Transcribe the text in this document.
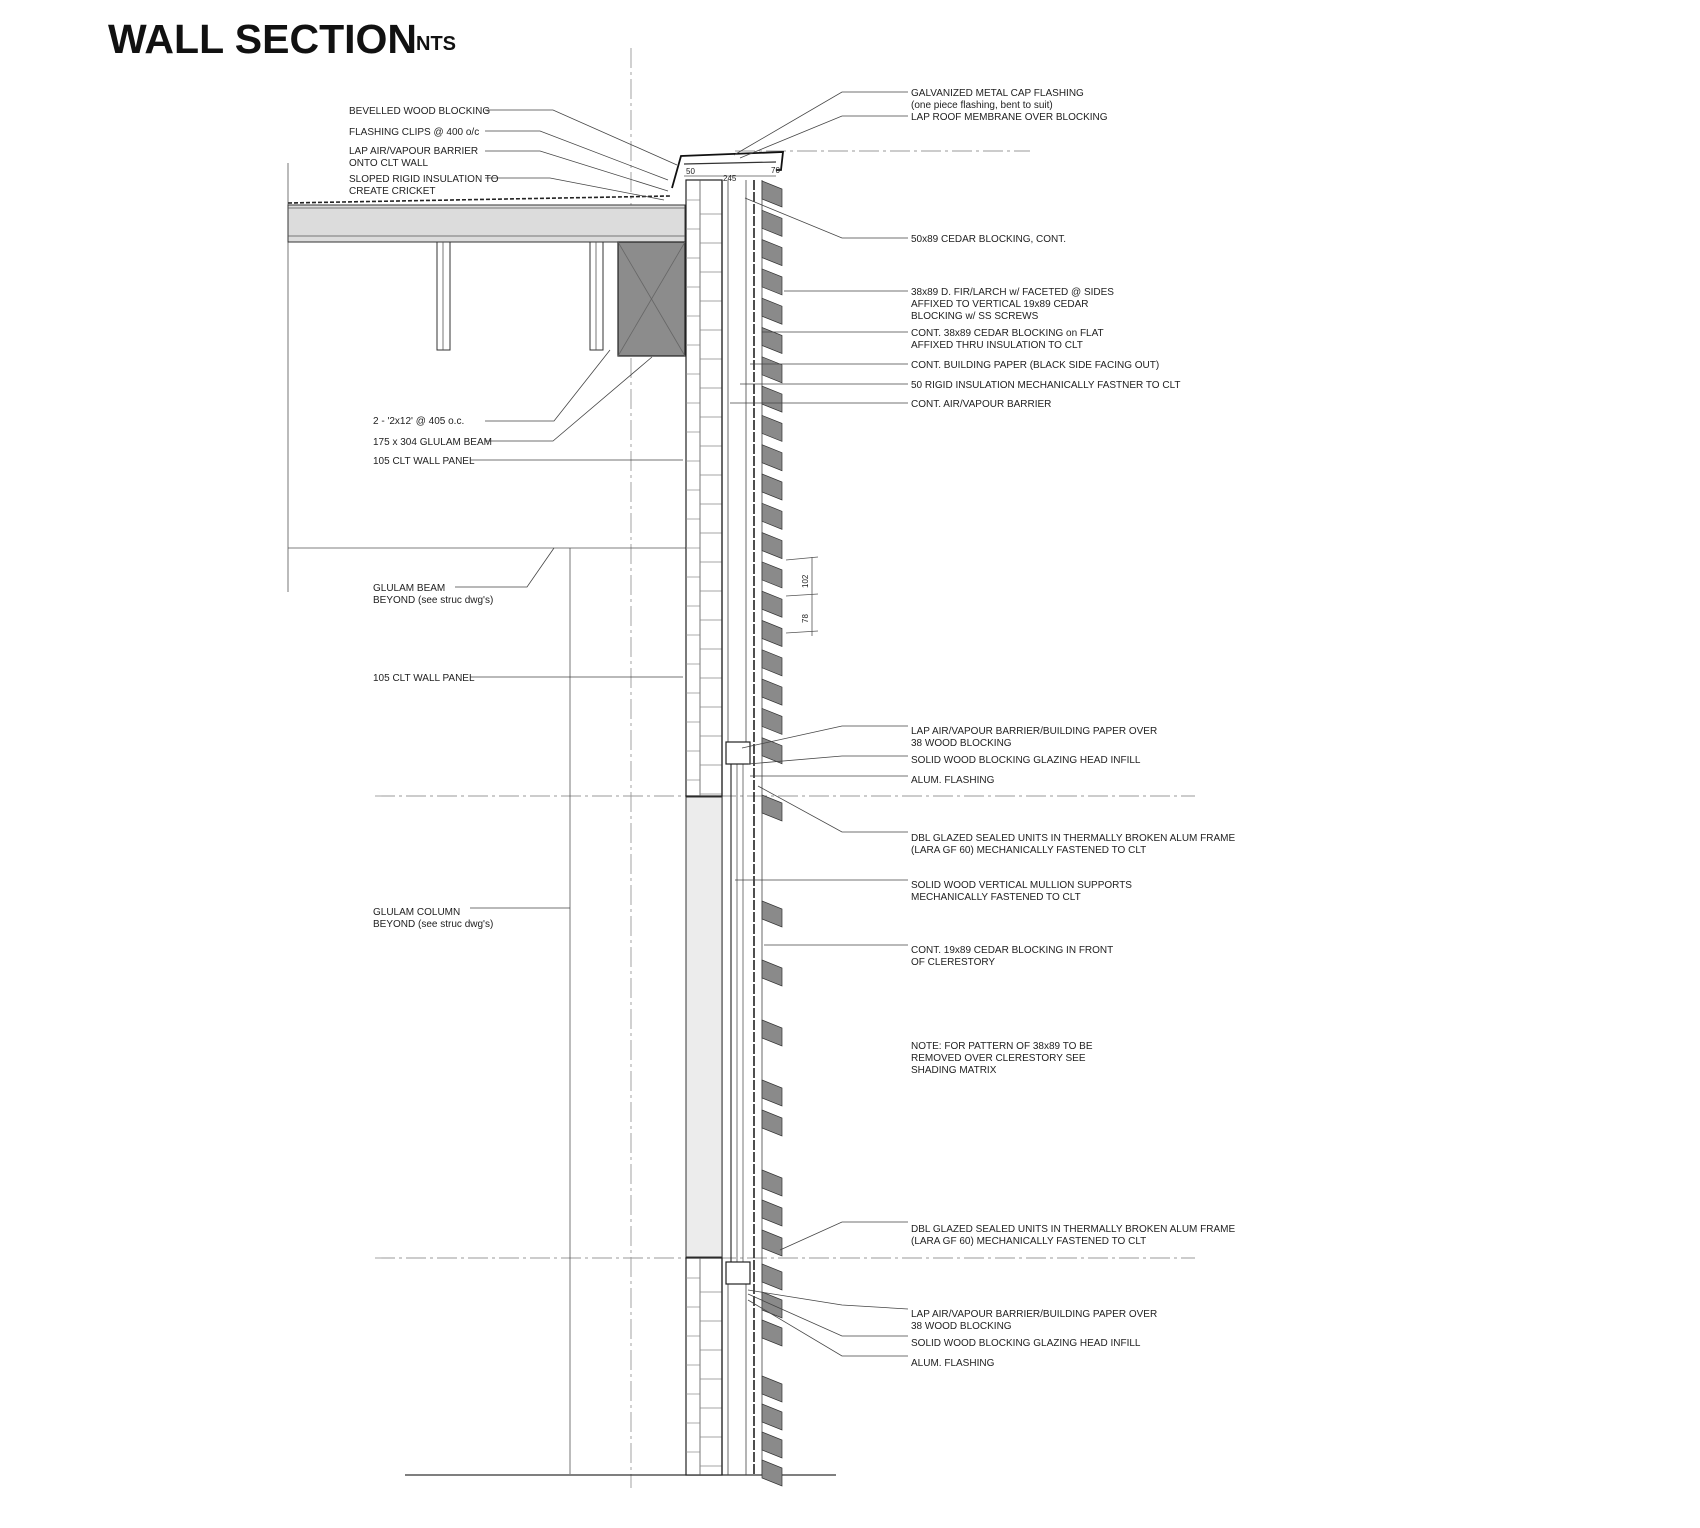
WALL SECTION
NTS
50
245
70
102
78
BEVELLED WOOD BLOCKING
FLASHING CLIPS @ 400 o/c
LAP AIR/VAPOUR BARRIER
ONTO CLT WALL
SLOPED RIGID INSULATION TO
CREATE CRICKET
2 - '2x12' @ 405 o.c.
175 x 304 GLULAM BEAM
105 CLT WALL PANEL
GLULAM BEAM
BEYOND (see struc dwg's)
105 CLT WALL PANEL
GLULAM COLUMN
BEYOND (see struc dwg's)
GALVANIZED METAL CAP FLASHING
(one piece flashing, bent to suit)
LAP ROOF MEMBRANE OVER BLOCKING
50x89 CEDAR BLOCKING, CONT.
38x89 D. FIR/LARCH w/ FACETED @ SIDES
AFFIXED TO VERTICAL 19x89 CEDAR
BLOCKING w/ SS SCREWS
CONT. 38x89 CEDAR BLOCKING on FLAT
AFFIXED THRU INSULATION TO CLT
CONT. BUILDING PAPER (BLACK SIDE FACING OUT)
50 RIGID INSULATION MECHANICALLY FASTNER TO CLT
CONT. AIR/VAPOUR BARRIER
LAP AIR/VAPOUR BARRIER/BUILDING PAPER OVER
38 WOOD BLOCKING
SOLID WOOD BLOCKING GLAZING HEAD INFILL
ALUM. FLASHING
DBL GLAZED SEALED UNITS IN THERMALLY BROKEN ALUM FRAME
(LARA GF 60) MECHANICALLY FASTENED TO CLT
SOLID WOOD VERTICAL MULLION SUPPORTS
MECHANICALLY FASTENED TO CLT
CONT. 19x89 CEDAR BLOCKING IN FRONT
OF CLERESTORY
NOTE: FOR PATTERN OF 38x89 TO BE
REMOVED OVER CLERESTORY SEE
SHADING MATRIX
DBL GLAZED SEALED UNITS IN THERMALLY BROKEN ALUM FRAME
(LARA GF 60) MECHANICALLY FASTENED TO CLT
LAP AIR/VAPOUR BARRIER/BUILDING PAPER OVER
38 WOOD BLOCKING
SOLID WOOD BLOCKING GLAZING HEAD INFILL
ALUM. FLASHING
